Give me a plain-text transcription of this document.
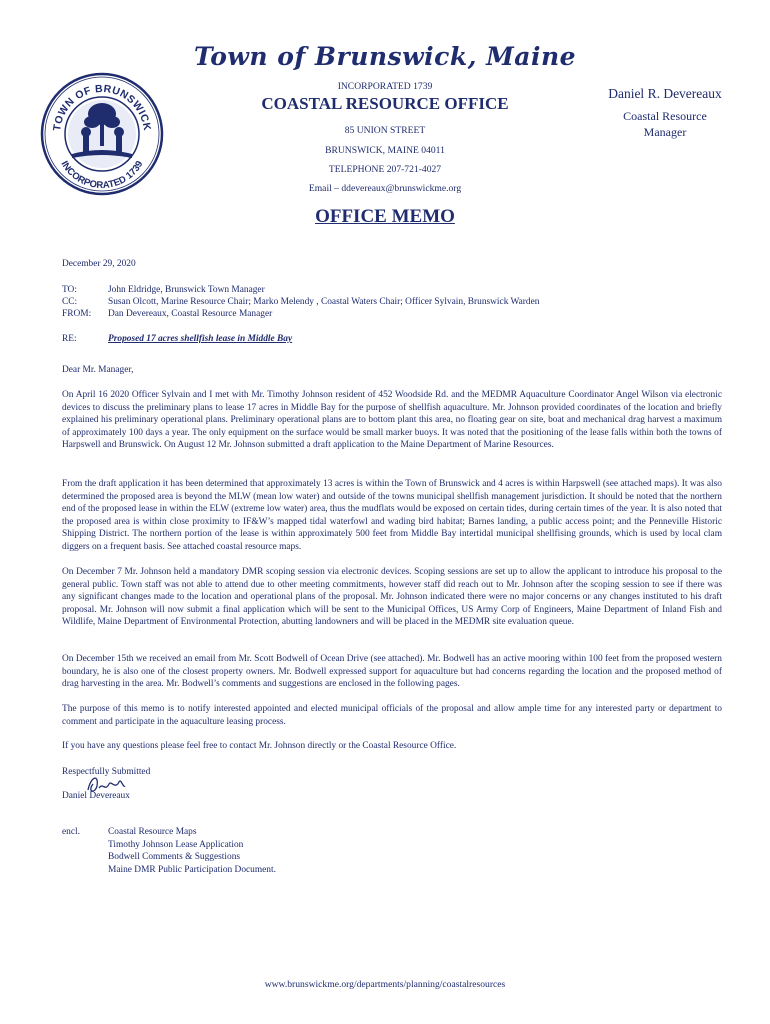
TOWN OF BRUNSWICK
INCORPORATED 1739
Town of Brunswick, Maine
INCORPORATED 1739
COASTAL RESOURCE OFFICE
85 UNION STREET
BRUNSWICK, MAINE 04011
TELEPHONE 207-721-4027
Email – ddevereaux@brunswickme.org
Daniel R. Devereaux
Coastal Resource Manager
OFFICE MEMO
December 29, 2020
TO:	John Eldridge, Brunswick Town Manager
CC:	Susan Olcott, Marine Resource Chair; Marko Melendy , Coastal Waters Chair; Officer Sylvain, Brunswick Warden
FROM:	Dan Devereaux, Coastal Resource Manager
RE:	Proposed 17 acres shellfish lease in Middle Bay
Dear Mr. Manager,
On April 16 2020 Officer Sylvain and I met with Mr. Timothy Johnson resident of 452 Woodside Rd. and the MEDMR Aquaculture Coordinator Angel Wilson via electronic devices to discuss the preliminary plans to lease 17 acres in Middle Bay for the purpose of shellfish aquaculture. Mr. Johnson provided coordinates of the location and briefly explained his preliminary operational plans. Preliminary operational plans are to bottom plant this area, no floating gear on site, boat and mechanical drag harvest a maximum of approximately 100 days a year. The only equipment on the surface would be small marker buoys. It was noted that the positioning of the lease falls within both the towns of Harpswell and Brunswick. On August 12 Mr. Johnson submitted a draft application to the Maine Department of Marine Resources.
From the draft application it has been determined that approximately 13 acres is within the Town of Brunswick and 4 acres is within Harpswell (see attached maps). It was also determined the proposed area is beyond the MLW (mean low water) and outside of the towns municipal shellfish management jurisdiction. It should be noted that the northern end of the proposed lease in within the ELW (extreme low water) area, thus the mudflats would be exposed on certain tides, during certain times of the year. It is also noted that the proposed area is within close proximity to IF&W’s mapped tidal waterfowl and wading bird habitat; Barnes landing, a public access point; and the Penneville Historic Shipping District. The northern portion of the lease is within approximately 500 feet from Middle Bay intertidal municipal shellfising grounds, which is used by local clam diggers on a frequent basis. See attached coastal resource maps.
On December 7 Mr. Johnson held a mandatory DMR scoping session via electronic devices. Scoping sessions are set up to allow the applicant to introduce his proposal to the general public. Town staff was not able to attend due to other meeting commitments, however staff did reach out to Mr. Johnson after the scoping session to see if there was any significant changes made to the location and operational plans of the proposal. Mr. Johnson indicated there were no major concerns or any changes instituted to his draft proposal. Mr. Johnson will now submit a final application which will be sent to the Municipal Offices, US Army Corp of Engineers, Maine Department of Inland Fish and Wildlife, Maine Department of Environmental Protection, abutting landowners and will be placed in the MEDMR site evaluation queue.
On December 15th we received an email from Mr. Scott Bodwell of Ocean Drive (see attached). Mr. Bodwell has an active mooring within 100 feet from the proposed western boundary, he is also one of the closest property owners. Mr. Bodwell expressed support for aquaculture but had concerns regarding the location and the proposed method of drag harvesting in the area. Mr. Bodwell’s comments and suggestions are enclosed in the following pages.
The purpose of this memo is to notify interested appointed and elected municipal officials of the proposal and allow ample time for any interested party or department to comment and participate in the aquaculture leasing process.
If you have any questions please feel free to contact Mr. Johnson directly or the Coastal Resource Office.
Respectfully Submitted
Daniel Devereaux
encl.	Coastal Resource Maps
Timothy Johnson Lease Application
Bodwell Comments & Suggestions
Maine DMR Public Participation Document.
www.brunswickme.org/departments/planning/coastalresources
